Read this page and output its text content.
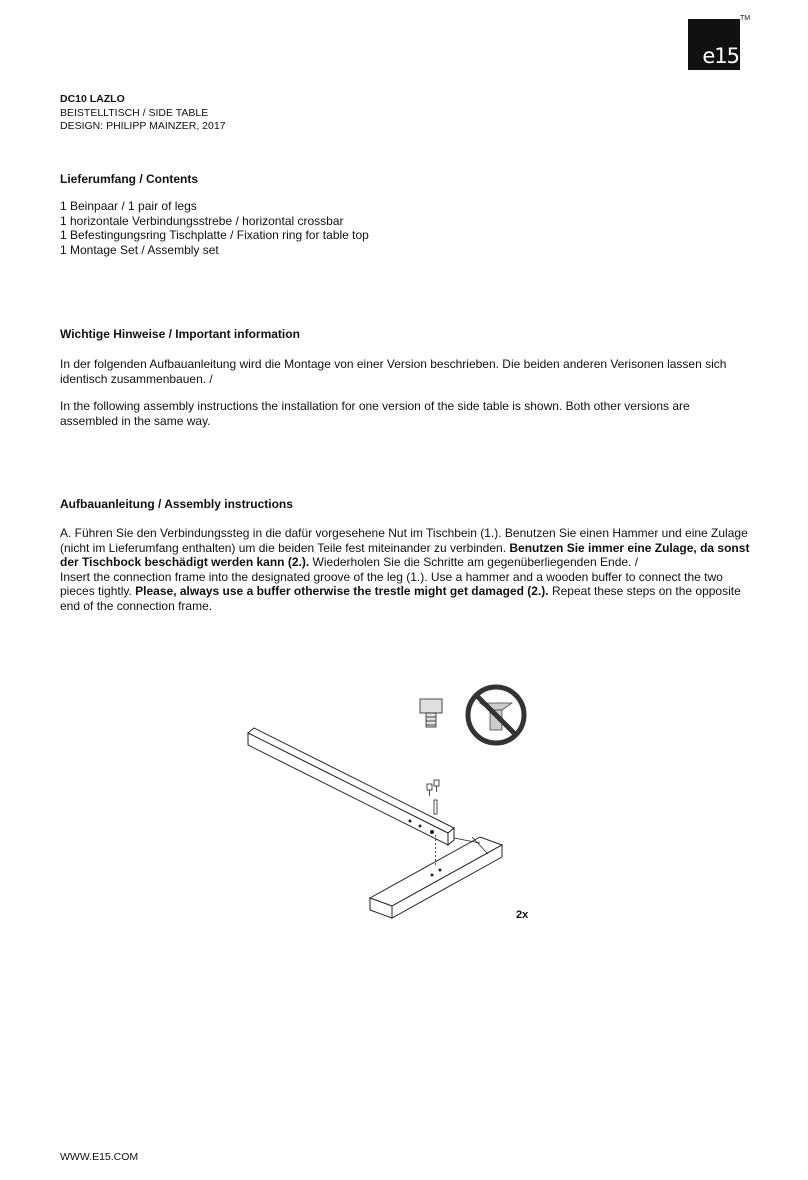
e15
TM
DC10 LAZLO
BEISTELLTISCH / SIDE TABLE
DESIGN: PHILIPP MAINZER, 2017
Lieferumfang / Contents
1 Beinpaar / 1 pair of legs
1 horizontale Verbindungsstrebe / horizontal crossbar
1 Befestingungsring Tischplatte / Fixation ring for table top
1 Montage Set / Assembly set
Wichtige Hinweise / Important information
In der folgenden Aufbauanleitung wird die Montage von einer Version beschrieben. Die beiden anderen Verisonen lassen sich identisch zusammenbauen. /
In the following assembly instructions the installation for one version of the side table is shown. Both other versions are assembled in the same way.
Aufbauanleitung / Assembly instructions
A. Führen Sie den Verbindungssteg in die dafür vorgesehene Nut im Tischbein (1.). Benutzen Sie einen Hammer und eine Zulage (nicht im Lieferumfang enthalten) um die beiden Teile fest miteinander zu verbinden. Benutzen Sie immer eine Zulage, da sonst der Tischbock beschädigt werden kann (2.). Wiederholen Sie die Schritte am gegenüberliegenden Ende. /
Insert the connection frame into the designated groove of the leg (1.). Use a hammer and a wooden buffer to connect the two pieces tightly. Please, always use a buffer otherwise the trestle might get damaged (2.). Repeat these steps on the opposite end of the connection frame.
2x
WWW.E15.COM
